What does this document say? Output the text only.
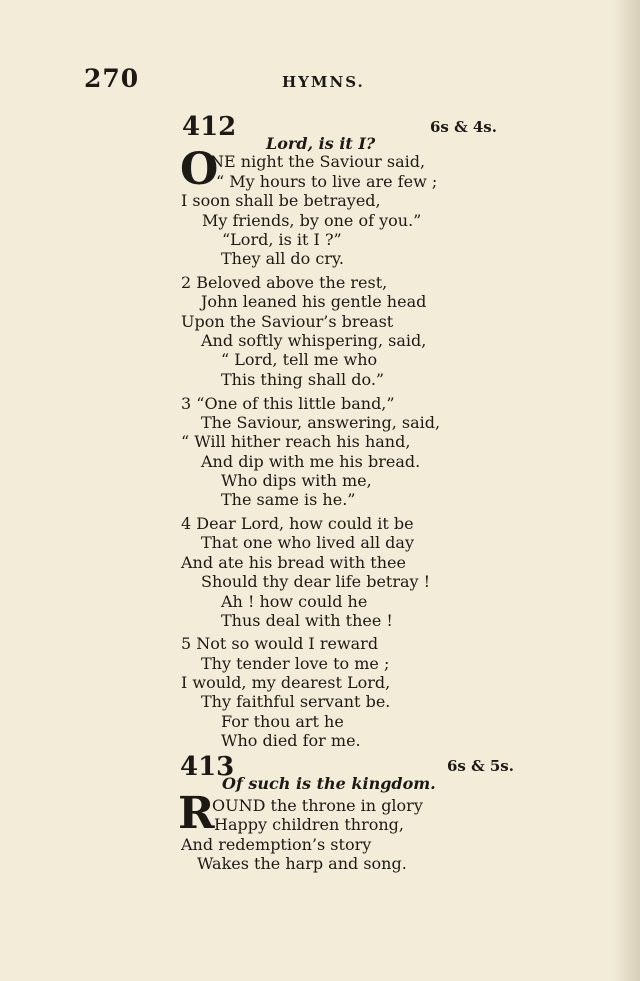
270	HYMNS.
412	6s & 4s.
Lord, is it I?
O
NE night the Saviour said,
“ My hours to live are few ;
I soon shall be betrayed,
My friends, by one of you.”
“Lord, is it I ?”
They all do cry.
2 Beloved above the rest,
John leaned his gentle head
Upon the Saviour’s breast
And softly whispering, said,
“ Lord, tell me who
This thing shall do.”
3 “One of this little band,”
The Saviour, answering, said,
“ Will hither reach his hand,
And dip with me his bread.
Who dips with me,
The same is he.”
4 Dear Lord, how could it be
That one who lived all day
And ate his bread with thee
Should thy dear life betray !
Ah ! how could he
Thus deal with thee !
5 Not so would I reward
Thy tender love to me ;
I would, my dearest Lord,
Thy faithful servant be.
For thou art he
Who died for me.
413	6s & 5s.
Of such is the kingdom.
R
OUND the throne in glory
Happy children throng,
And redemption’s story
Wakes the harp and song.
